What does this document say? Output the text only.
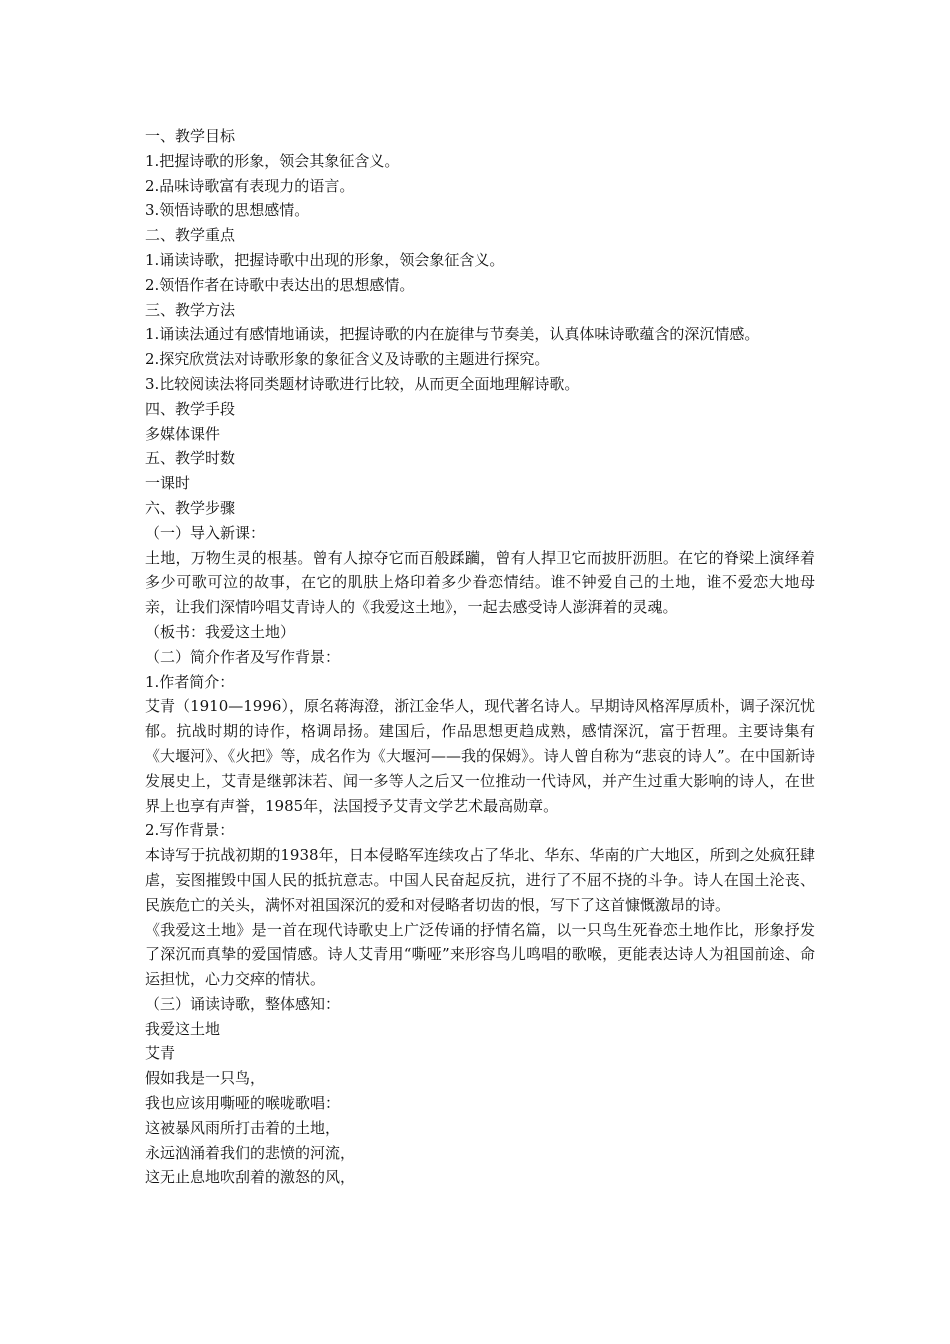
一、教学目标
1.把握诗歌的形象，领会其象征含义。
2.品味诗歌富有表现力的语言。
3.领悟诗歌的思想感情。
二、教学重点
1.诵读诗歌，把握诗歌中出现的形象，领会象征含义。
2.领悟作者在诗歌中表达出的思想感情。
三、教学方法
1.诵读法通过有感情地诵读，把握诗歌的内在旋律与节奏美，认真体味诗歌蕴含的深沉情感。
2.探究欣赏法对诗歌形象的象征含义及诗歌的主题进行探究。
3.比较阅读法将同类题材诗歌进行比较，从而更全面地理解诗歌。
四、教学手段
多媒体课件
五、教学时数
一课时
六、教学步骤
（一）导入新课：
土地，万物生灵的根基。曾有人掠夺它而百般蹂躏，曾有人捍卫它而披肝沥胆。在它的脊梁上演绎着多少可歌可泣的故事，在它的肌肤上烙印着多少眷恋情结。谁不钟爱自己的土地，谁不爱恋大地母亲，让我们深情吟唱艾青诗人的《我爱这土地》，一起去感受诗人澎湃着的灵魂。
（板书：我爱这土地）
（二）简介作者及写作背景：
1.作者简介：
艾青（1910—1996），原名蒋海澄，浙江金华人，现代著名诗人。早期诗风格浑厚质朴，调子深沉忧郁。抗战时期的诗作，格调昂扬。建国后，作品思想更趋成熟，感情深沉，富于哲理。主要诗集有《大堰河》、《火把》等，成名作为《大堰河——我的保姆》。诗人曾自称为“悲哀的诗人”。在中国新诗发展史上，艾青是继郭沫若、闻一多等人之后又一位推动一代诗风，并产生过重大影响的诗人，在世界上也享有声誉，1985年，法国授予艾青文学艺术最高勋章。
2.写作背景：
本诗写于抗战初期的1938年，日本侵略军连续攻占了华北、华东、华南的广大地区，所到之处疯狂肆虐，妄图摧毁中国人民的抵抗意志。中国人民奋起反抗，进行了不屈不挠的斗争。诗人在国土沦丧、民族危亡的关头，满怀对祖国深沉的爱和对侵略者切齿的恨，写下了这首慷慨激昂的诗。
《我爱这土地》是一首在现代诗歌史上广泛传诵的抒情名篇，以一只鸟生死眷恋土地作比，形象抒发了深沉而真挚的爱国情感。诗人艾青用“嘶哑”来形容鸟儿鸣唱的歌喉，更能表达诗人为祖国前途、命运担忧，心力交瘁的情状。
（三）诵读诗歌，整体感知：
我爱这土地
艾青
假如我是一只鸟，
我也应该用嘶哑的喉咙歌唱：
这被暴风雨所打击着的土地，
永远汹涌着我们的悲愤的河流，
这无止息地吹刮着的激怒的风，
